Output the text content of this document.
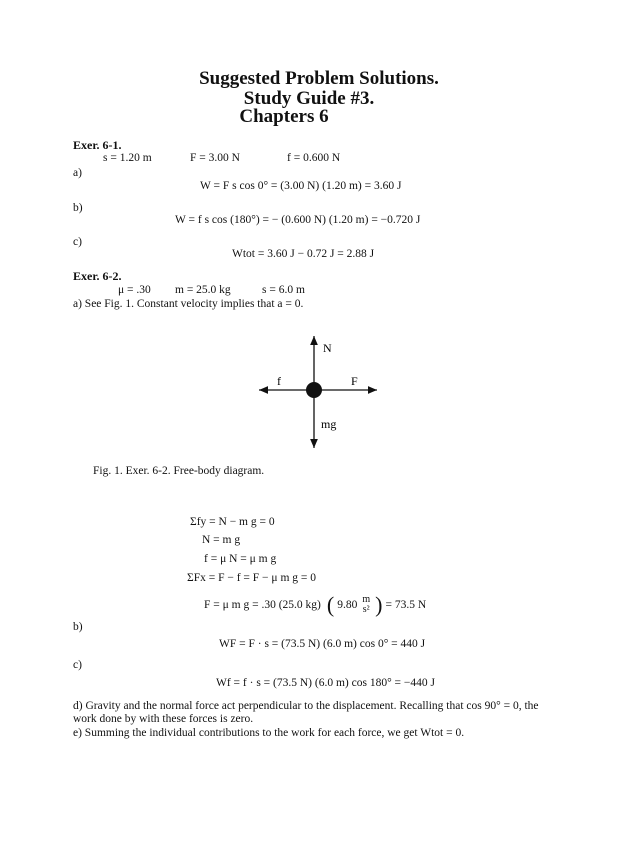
Suggested Problem Solutions.
Study Guide #3.
Chapters 6
Exer. 6-1.
s = 1.20 m	F = 3.00 N	f = 0.600 N
a)
W = F s cos 0° = (3.00 N) (1.20 m) = 3.60 J
b)
W = f s cos (180°) = − (0.600 N) (1.20 m) = −0.720 J
c)
Wtot = 3.60 J − 0.72 J = 2.88 J
Exer. 6-2.
μ = .30 m = 25.0 kg	s = 6.0 m
a) See Fig. 1. Constant velocity implies that a = 0.
N
f	F
mg
Fig. 1. Exer. 6-2. Free-body diagram.
Σfy = N − m g = 0
N = m g
f = μ N = μ m g
ΣFx = F − f = F − μ m g = 0
F = μ m g = .30 (25.0 kg) ( 9.80 m
s² ) = 73.5 N
b)
WF = F · s = (73.5 N) (6.0 m) cos 0° = 440 J
c)
Wf = f · s = (73.5 N) (6.0 m) cos 180° = −440 J
d) Gravity and the normal force act perpendicular to the displacement. Recalling that cos 90° = 0, the work done by with these forces is zero.
e) Summing the individual contributions to the work for each force, we get Wtot = 0.
